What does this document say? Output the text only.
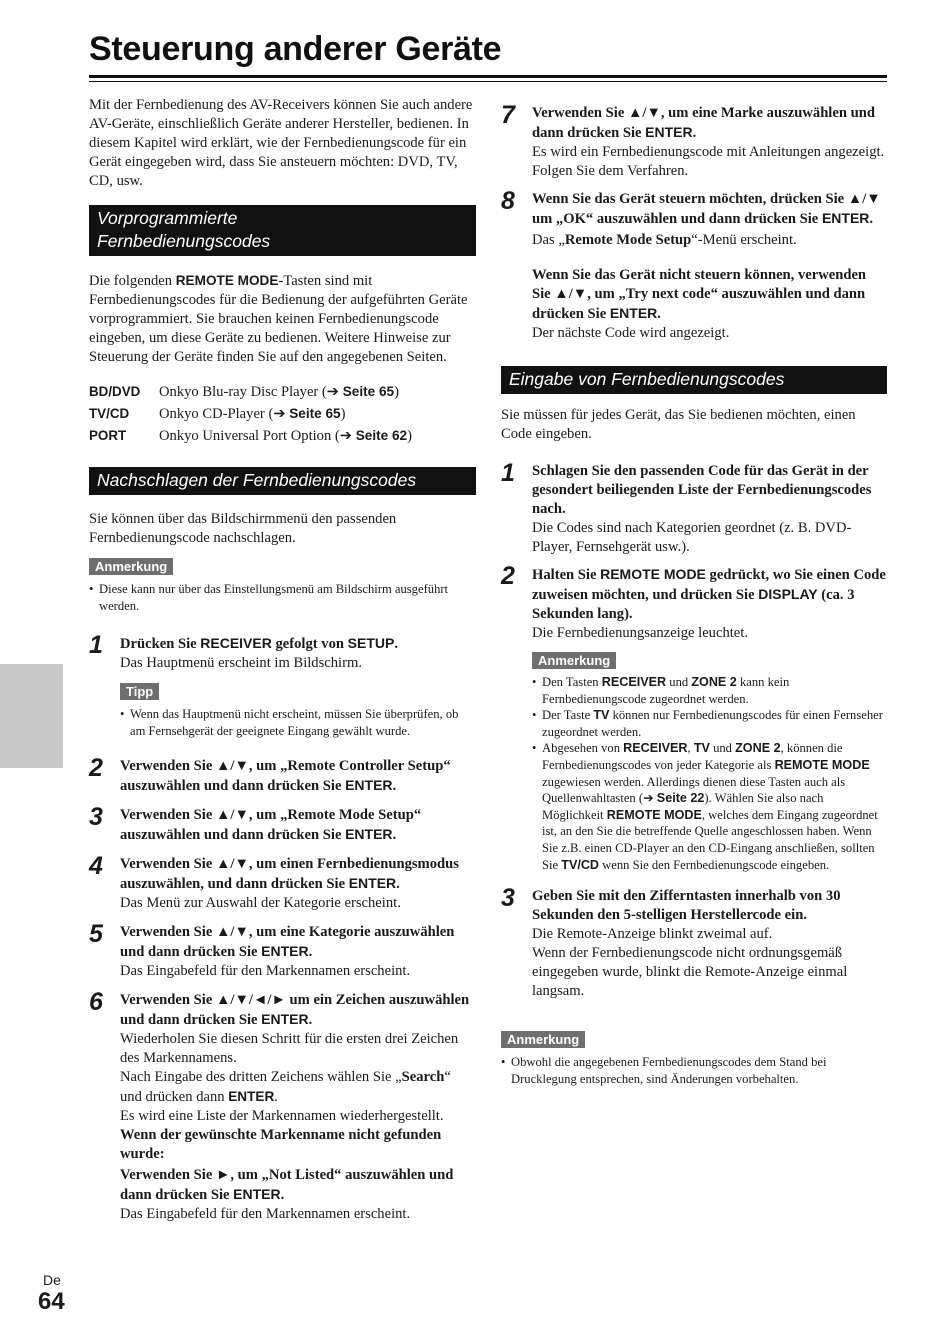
Steuerung anderer Geräte

Mit der Fernbedienung des AV-Receivers können Sie auch andere AV-Geräte, einschließlich Geräte anderer Hersteller, bedienen. In diesem Kapitel wird erklärt, wie der Fernbedienungscode für ein Gerät eingegeben wird, dass Sie ansteuern möchten: DVD, TV, CD, usw.

Vorprogrammierte
Fernbedienungscodes

Die folgenden REMOTE MODE-Tasten sind mit Fernbedienungscodes für die Bedienung der aufgeführten Geräte vorprogrammiert. Sie brauchen keinen Fernbedienungscode eingeben, um diese Geräte zu bedienen. Weitere Hinweise zur Steuerung der Geräte finden Sie auf den angegebenen Seiten.

BD/DVD	Onkyo Blu-ray Disc Player (➔ Seite 65)
TV/CD	Onkyo CD-Player (➔ Seite 65)
PORT	Onkyo Universal Port Option (➔ Seite 62)
Nachschlagen der Fernbedienungscodes

Sie können über das Bildschirmmenü den passenden Fernbedienungscode nachschlagen.

Anmerkung

• Diese kann nur über das Einstellungsmenü am Bildschirm ausgeführt werden.

1 Drücken Sie RECEIVER gefolgt von SETUP.

Das Hauptmenü erscheint im Bildschirm.

Tipp

• Wenn das Hauptmenü nicht erscheint, müssen Sie überprüfen, ob am Fernsehgerät der geeignete Eingang gewählt wurde.

2 Verwenden Sie ▲/▼, um „Remote Controller Setup“ auszuwählen und dann drücken Sie ENTER.

3 Verwenden Sie ▲/▼, um „Remote Mode Setup“ auszuwählen und dann drücken Sie ENTER.

4 Verwenden Sie ▲/▼, um einen Fernbedienungsmodus auszuwählen, und dann drücken Sie ENTER.

Das Menü zur Auswahl der Kategorie erscheint.

5 Verwenden Sie ▲/▼, um eine Kategorie auszuwählen und dann drücken Sie ENTER.

Das Eingabefeld für den Markennamen erscheint.

6 Verwenden Sie ▲/▼/◄/► um ein Zeichen auszuwählen und dann drücken Sie ENTER.

Wiederholen Sie diesen Schritt für die ersten drei Zeichen des Markennamens.

Nach Eingabe des dritten Zeichens wählen Sie „Search“ und drücken dann ENTER.

Es wird eine Liste der Markennamen wiederhergestellt.

Wenn der gewünschte Markenname nicht gefunden wurde:

Verwenden Sie ►, um „Not Listed“ auszuwählen und dann drücken Sie ENTER.

Das Eingabefeld für den Markennamen erscheint.

7 Verwenden Sie ▲/▼, um eine Marke auszuwählen und dann drücken Sie ENTER.

Es wird ein Fernbedienungscode mit Anleitungen angezeigt. Folgen Sie dem Verfahren.

8 Wenn Sie das Gerät steuern möchten, drücken Sie ▲/▼ um „OK“ auszuwählen und dann drücken Sie ENTER.

Das „Remote Mode Setup“-Menü erscheint.

Wenn Sie das Gerät nicht steuern können, verwenden Sie ▲/▼, um „Try next code“ auszuwählen und dann drücken Sie ENTER.

Der nächste Code wird angezeigt.

Eingabe von Fernbedienungscodes

Sie müssen für jedes Gerät, das Sie bedienen möchten, einen Code eingeben.

1 Schlagen Sie den passenden Code für das Gerät in der gesondert beiliegenden Liste der Fernbedienungscodes nach.

Die Codes sind nach Kategorien geordnet (z. B. DVD-Player, Fernsehgerät usw.).

2 Halten Sie REMOTE MODE gedrückt, wo Sie einen Code zuweisen möchten, und drücken Sie DISPLAY (ca. 3 Sekunden lang).

Die Fernbedienungsanzeige leuchtet.

Anmerkung

• Den Tasten RECEIVER und ZONE 2 kann kein Fernbedienungscode zugeordnet werden.

• Der Taste TV können nur Fernbedienungscodes für einen Fernseher zugeordnet werden.

• Abgesehen von RECEIVER, TV und ZONE 2, können die Fernbedienungscodes von jeder Kategorie als REMOTE MODE zugewiesen werden. Allerdings dienen diese Tasten auch als Quellenwahltasten (➔ Seite 22). Wählen Sie also nach Möglichkeit REMOTE MODE, welches dem Eingang zugeordnet ist, an den Sie die betreffende Quelle angeschlossen haben. Wenn Sie z.B. einen CD-Player an den CD-Eingang anschließen, sollten Sie TV/CD wenn Sie den Fernbedienungscode eingeben.

3 Geben Sie mit den Zifferntasten innerhalb von 30 Sekunden den 5-stelligen Herstellercode ein.

Die Remote-Anzeige blinkt zweimal auf.

Wenn der Fernbedienungscode nicht ordnungsgemäß eingegeben wurde, blinkt die Remote-Anzeige einmal langsam.

Anmerkung

• Obwohl die angegebenen Fernbedienungscodes dem Stand bei Drucklegung entsprechen, sind Änderungen vorbehalten.

De
64
